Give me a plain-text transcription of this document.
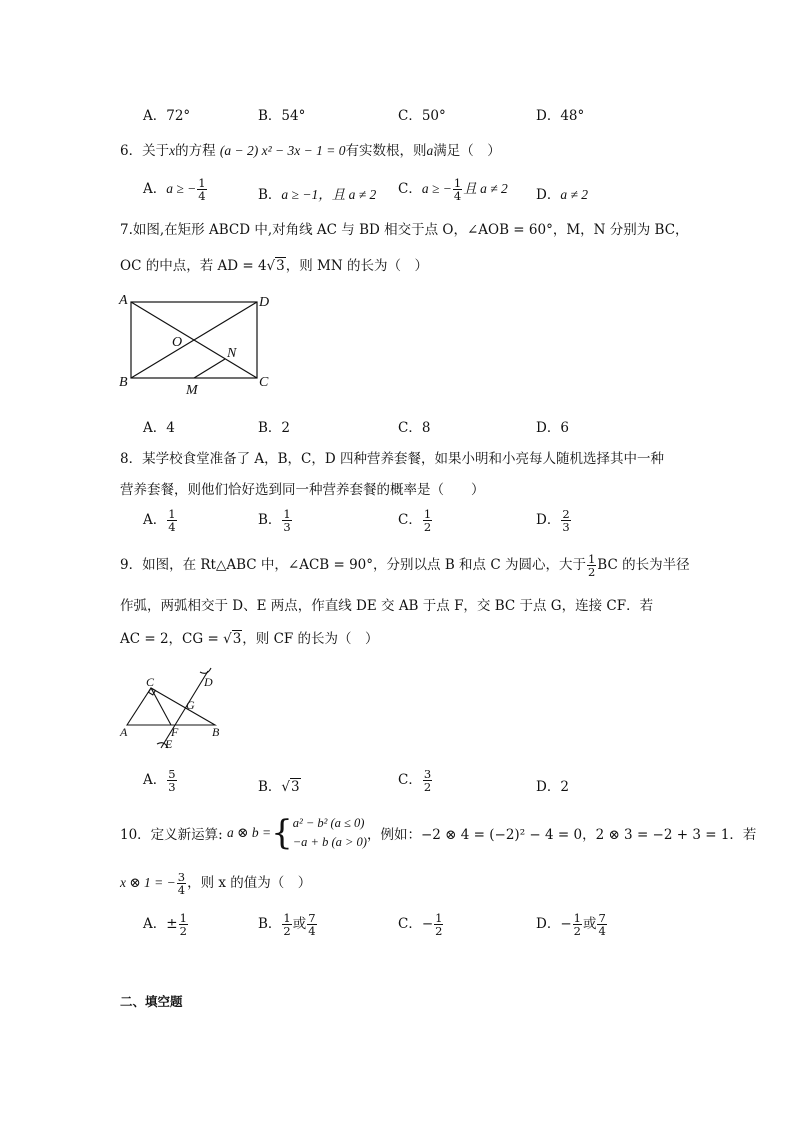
A．72°	B．54°	C．50°	D．48°
6．关于x的方程 (a − 2) x² − 3x − 1 = 0有实数根，则a满足（　）
A．a ≥ − $\frac{1}{4}$	B．a ≥ −1，且 a ≠ 2 C．a ≥ − $\frac{1}{4}$ 且 a ≠ 2 D．a ≠ 2
7.如图,在矩形 ABCD 中,对角线 AC 与 BD 相交于点 O，∠AOB = 60°，M，N 分别为 BC，
OC 的中点，若 AD = 4√3，则 MN 的长为（　）
A	D
B	C
O
N
M
A．4	B．2	C．8	D．6
8．某学校食堂准备了 A，B，C，D 四种营养套餐，如果小明和小亮每人随机选择其中一种
营养套餐，则他们恰好选到同一种营养套餐的概率是（　　）
A． $\frac{1}{4}$	B． $\frac{1}{3}$	C． $\frac{1}{2}$	D． $\frac{2}{3}$
9．如图，在 Rt△ABC 中，∠ACB = 90°，分别以点 B 和点 C 为圆心，大于 $\frac{1}{2}$ BC 的长为半径
作弧，两弧相交于 D、E 两点，作直线 DE 交 AB 于点 F，交 BC 于点 G，连接 CF．若
AC = 2，CG = √3，则 CF 的长为（　）
C	D
G
A	F	B
E
A． $\frac{5}{3}$	B．√3	C． $\frac{3}{2}$	D．2
10．定义新运算:
a ⊗ b = { a² − b² (a ≤ 0)
−a + b (a > 0) ，例如：−2 ⊗ 4 = (−2)² − 4 = 0，2 ⊗ 3 = −2 + 3 = 1．若
x ⊗ 1 = − $\frac{3}{4}$ ，则 x 的值为（　）
A．± $\frac{1}{2}$	B． $\frac{1}{2}$ 或 $\frac{7}{4}$	C．− $\frac{1}{2}$	D．− $\frac{1}{2}$ 或 $\frac{7}{4}$
二、填空题
